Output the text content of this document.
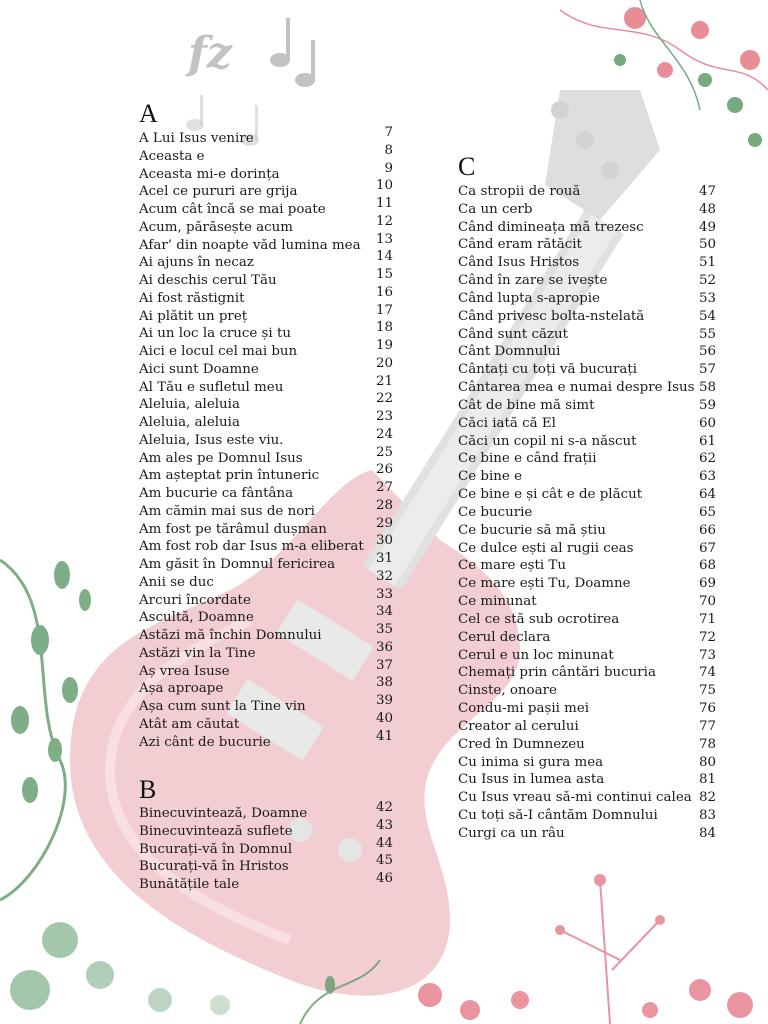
fz
A
A Lui Isus venire	7
Aceasta e	8
Aceasta mi-e dorința	9
Acel ce pururi are grija	10
Acum cât încă se mai poate	11
Acum, părăsește acum	12
Afar’ din noapte văd lumina mea 13
Ai ajuns în necaz	14
Ai deschis cerul Tău	15
Ai fost răstignit	16
Ai plătit un preț	17
Ai un loc la cruce și tu	18
Aici e locul cel mai bun	19
Aici sunt Doamne	20
Al Tău e sufletul meu	21
Aleluia, aleluia	22
Aleluia, aleluia	23
Aleluia, Isus este viu.	24
Am ales pe Domnul Isus	25
Am așteptat prin întuneric	26
Am bucurie ca fântâna	27
Am cămin mai sus de nori	28
Am fost pe tărâmul dușman	29
Am fost rob dar Isus m-a eliberat 30
Am găsit în Domnul fericirea	31
Anii se duc	32
Arcuri încordate	33
Ascultă, Doamne	34
Astăzi mă închin Domnului	35
Astăzi vin la Tine	36
Aș vrea Isuse	37
Așa aproape	38
Așa cum sunt la Tine vin	39
Atât am căutat	40
Azi cânt de bucurie	41
B
Binecuvintează, Doamne	42
Binecuvintează suflete	43
Bucurați-vă în Domnul	44
Bucurați-vă în Hristos	45
Bunătățile tale	46
C
Ca stropii de rouă	47
Ca un cerb	48
Când dimineața mă trezesc	49
Când eram rătăcit	50
Când Isus Hristos	51
Când în zare se ivește	52
Când lupta s-apropie	53
Când privesc bolta-nstelată	54
Când sunt căzut	55
Cânt Domnului	56
Cântați cu toți vă bucurați	57
Cântarea mea e numai despre Isus 58
Cât de bine mă simt	59
Căci iată că El	60
Căci un copil ni s-a născut	61
Ce bine e când frații	62
Ce bine e	63
Ce bine e și cât e de plăcut	64
Ce bucurie	65
Ce bucurie să mă știu	66
Ce dulce ești al rugii ceas	67
Ce mare ești Tu	68
Ce mare ești Tu, Doamne	69
Ce minunat	70
Cel ce stă sub ocrotirea	71
Cerul declara	72
Cerul e un loc minunat	73
Chemați prin cântări bucuria	74
Cinste, onoare	75
Condu-mi pașii mei	76
Creator al cerului	77
Cred în Dumnezeu	78
Cu inima si gura mea	80
Cu Isus in lumea asta	81
Cu Isus vreau să-mi continui calea 82
Cu toți să-I cântăm Domnului	83
Curgi ca un râu	84
